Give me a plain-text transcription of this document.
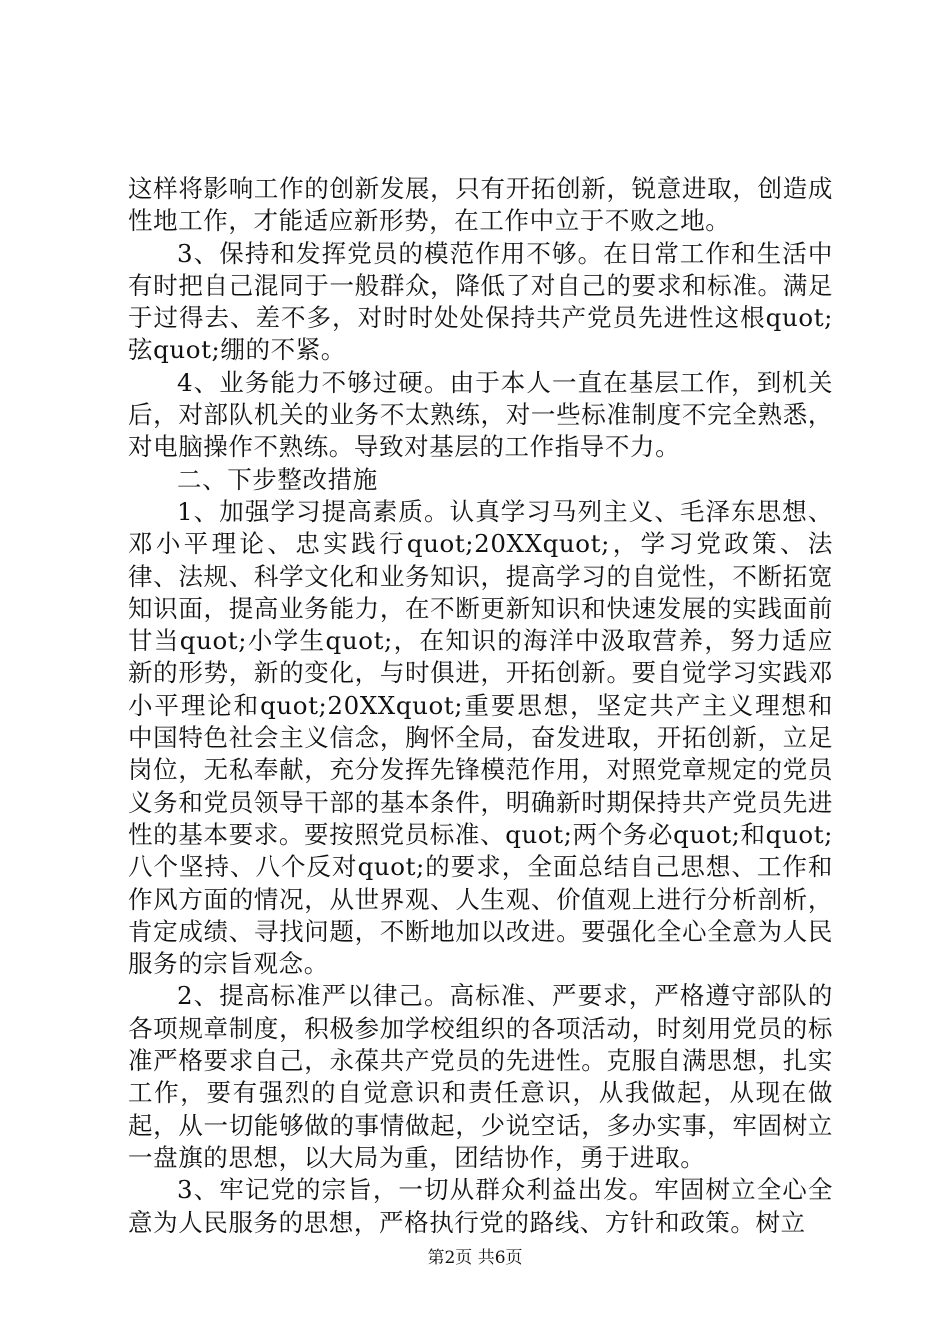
这样将影响工作的创新发展，只有开拓创新，锐意进取，创造成性地工作，才能适应新形势，在工作中立于不败之地。

3、保持和发挥党员的模范作用不够。在日常工作和生活中有时把自己混同于一般群众，降低了对自己的要求和标准。满足于过得去、差不多，对时时处处保持共产党员先进性这根quot;弦quot;绷的不紧。

4、业务能力不够过硬。由于本人一直在基层工作，到机关后，对部队机关的业务不太熟练，对一些标准制度不完全熟悉，对电脑操作不熟练。导致对基层的工作指导不力。

二、下步整改措施

1、加强学习提高素质。认真学习马列主义、毛泽东思想、邓小平理论、忠实践行quot;20XXquot;，学习党政策、法律、法规、科学文化和业务知识，提高学习的自觉性，不断拓宽知识面，提高业务能力，在不断更新知识和快速发展的实践面前甘当quot;小学生quot;，在知识的海洋中汲取营养，努力适应新的形势，新的变化，与时俱进，开拓创新。要自觉学习实践邓小平理论和quot;20XXquot;重要思想，坚定共产主义理想和中国特色社会主义信念，胸怀全局，奋发进取，开拓创新，立足岗位，无私奉献，充分发挥先锋模范作用，对照党章规定的党员义务和党员领导干部的基本条件，明确新时期保持共产党员先进性的基本要求。要按照党员标准、quot;两个务必quot;和quot;八个坚持、八个反对quot;的要求，全面总结自己思想、工作和作风方面的情况，从世界观、人生观、价值观上进行分析剖析，肯定成绩、寻找问题，不断地加以改进。要强化全心全意为人民服务的宗旨观念。

2、提高标准严以律己。高标准、严要求，严格遵守部队的各项规章制度，积极参加学校组织的各项活动，时刻用党员的标准严格要求自己，永葆共产党员的先进性。克服自满思想，扎实工作，要有强烈的自觉意识和责任意识，从我做起，从现在做起，从一切能够做的事情做起，少说空话，多办实事，牢固树立一盘旗的思想，以大局为重，团结协作，勇于进取。

3、牢记党的宗旨，一切从群众利益出发。牢固树立全心全意为人民服务的思想，严格执行党的路线、方针和政策。树立

第2页 共6页
